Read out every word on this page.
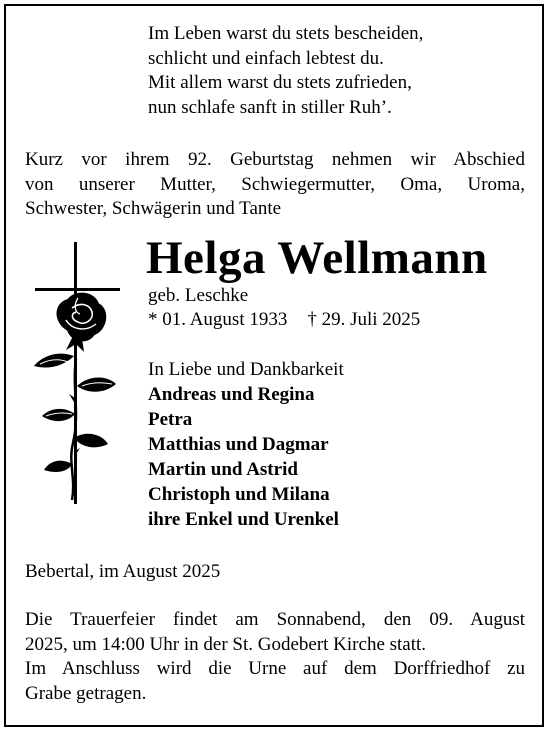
Im Leben warst du stets bescheiden,
schlicht und einfach lebtest du.
Mit allem warst du stets zufrieden,
nun schlafe sanft in stiller Ruh’.
Kurz vor ihrem 92. Geburtstag nehmen wir Abschied
von unserer Mutter, Schwiegermutter, Oma, Uroma,
Schwester, Schwägerin und Tante
Helga Wellmann
geb. Leschke
* 01. August 1933 † 29. Juli 2025
In Liebe und Dankbarkeit
Andreas und Regina
Petra
Matthias und Dagmar
Martin und Astrid
Christoph und Milana
ihre Enkel und Urenkel
Bebertal, im August 2025
Die Trauerfeier findet am Sonnabend, den 09. August
2025, um 14:00 Uhr in der St. Godebert Kirche statt.
Im Anschluss wird die Urne auf dem Dorffriedhof zu
Grabe getragen.
